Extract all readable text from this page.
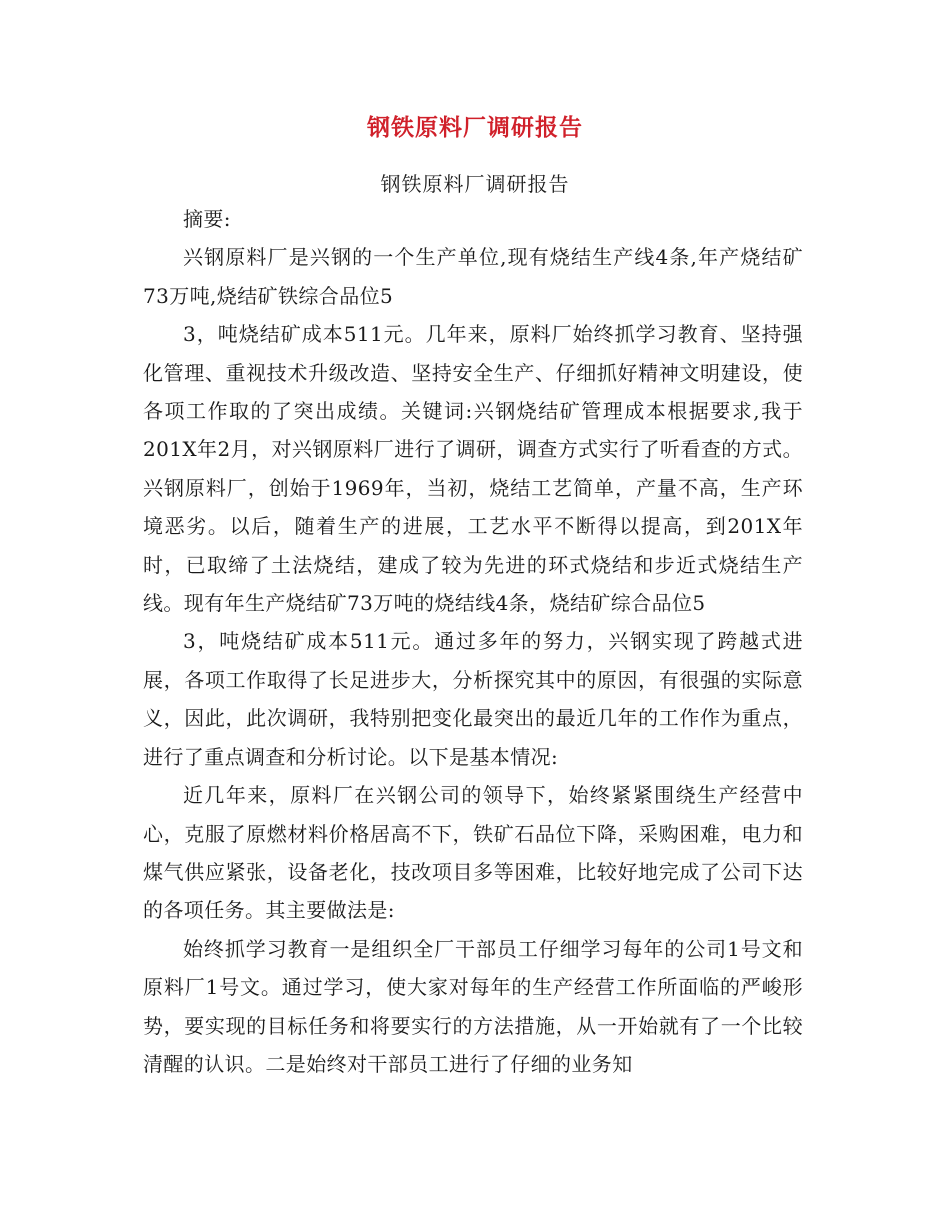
钢铁原料厂调研报告
钢铁原料厂调研报告

摘要:

兴钢原料厂是兴钢的一个生产单位,现有烧结生产线4条,年产烧结矿73万吨,烧结矿铁综合品位5

3，吨烧结矿成本511元。几年来，原料厂始终抓学习教育、坚持强化管理、重视技术升级改造、坚持安全生产、仔细抓好精神文明建设，使各项工作取的了突出成绩。关键词:兴钢烧结矿管理成本根据要求,我于201X年2月，对兴钢原料厂进行了调研，调查方式实行了听看查的方式。兴钢原料厂，创始于1969年，当初，烧结工艺简单，产量不高，生产环境恶劣。以后，随着生产的进展，工艺水平不断得以提高，到201X年时，已取缔了土法烧结，建成了较为先进的环式烧结和步近式烧结生产线。现有年生产烧结矿73万吨的烧结线4条，烧结矿综合品位5

3，吨烧结矿成本511元。通过多年的努力，兴钢实现了跨越式进展，各项工作取得了长足进步大，分析探究其中的原因，有很强的实际意义，因此，此次调研，我特别把变化最突出的最近几年的工作作为重点，进行了重点调查和分析讨论。以下是基本情况:

近几年来，原料厂在兴钢公司的领导下，始终紧紧围绕生产经营中心，克服了原燃材料价格居高不下，铁矿石品位下降，采购困难，电力和煤气供应紧张，设备老化，技改项目多等困难，比较好地完成了公司下达的各项任务。其主要做法是:

始终抓学习教育一是组织全厂干部员工仔细学习每年的公司1号文和原料厂1号文。通过学习，使大家对每年的生产经营工作所面临的严峻形势，要实现的目标任务和将要实行的方法措施，从一开始就有了一个比较清醒的认识。二是始终对干部员工进行了仔细的业务知
